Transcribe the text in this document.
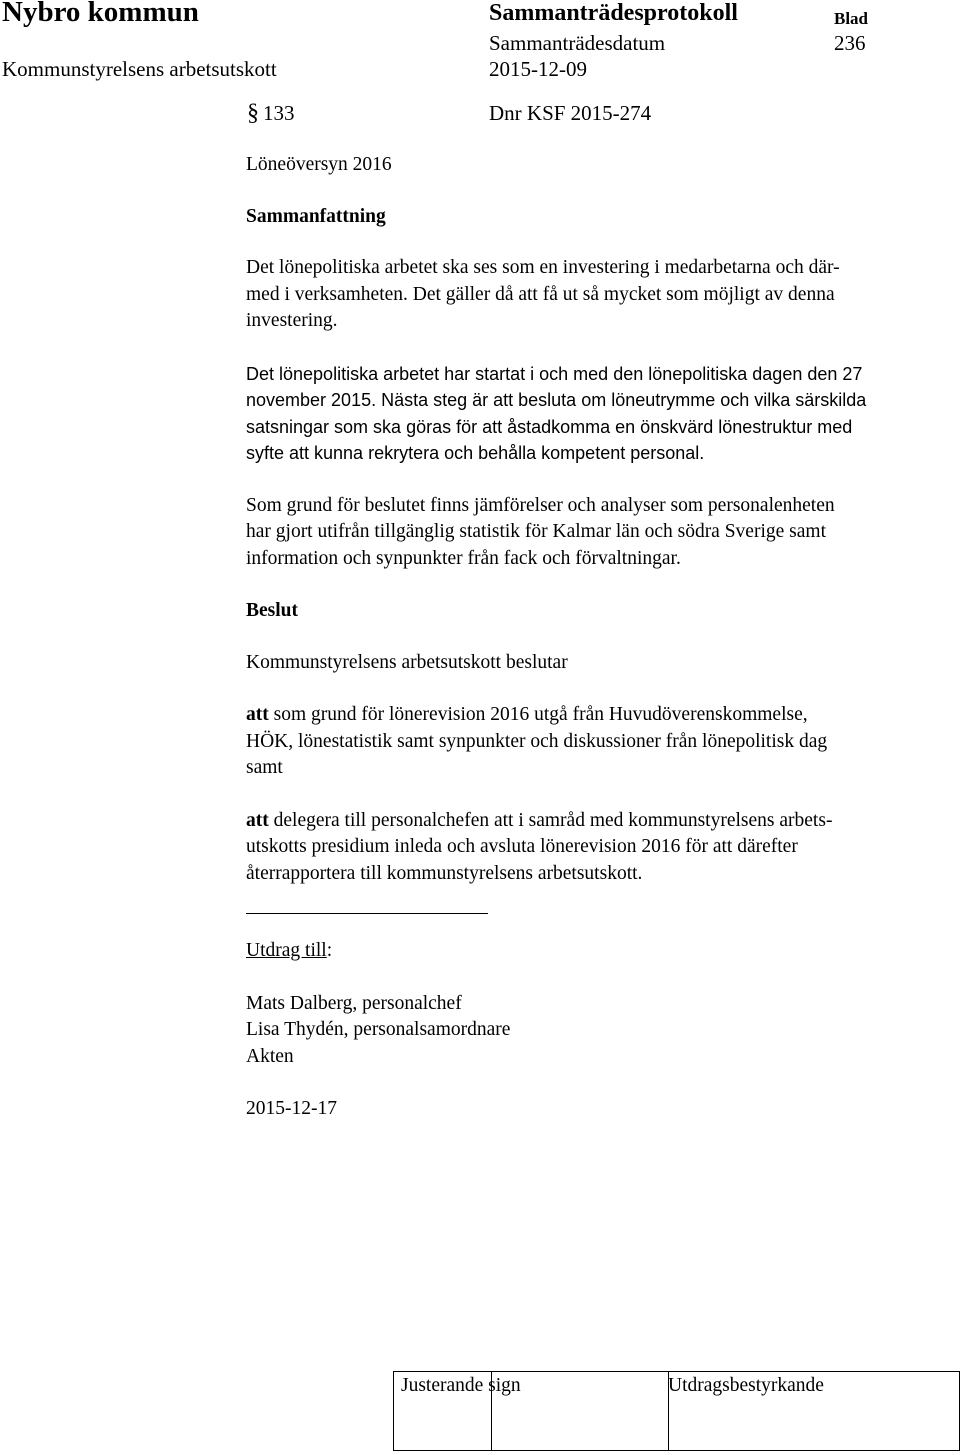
Nybro kommun	Sammanträdesprotokoll	Blad
Sammanträdesdatum	236
Kommunstyrelsens arbetsutskott	2015-12-09
§ 133	Dnr KSF 2015-274

Löneöversyn 2016

Sammanfattning

Det lönepolitiska arbetet ska ses som en investering i medarbetarna och där-
med i verksamheten. Det gäller då att få ut så mycket som möjligt av denna
investering.

Det lönepolitiska arbetet har startat i och med den lönepolitiska dagen den 27
november 2015. Nästa steg är att besluta om löneutrymme och vilka särskilda
satsningar som ska göras för att åstadkomma en önskvärd lönestruktur med
syfte att kunna rekrytera och behålla kompetent personal.

Som grund för beslutet finns jämförelser och analyser som personalenheten
har gjort utifrån tillgänglig statistik för Kalmar län och södra Sverige samt
information och synpunkter från fack och förvaltningar.

Beslut

Kommunstyrelsens arbetsutskott beslutar

att som grund för lönerevision 2016 utgå från Huvudöverenskommelse,
HÖK, lönestatistik samt synpunkter och diskussioner från lönepolitisk dag
samt

att delegera till personalchefen att i samråd med kommunstyrelsens arbets-
utskotts presidium inleda och avsluta lönerevision 2016 för att därefter
återrapportera till kommunstyrelsens arbetsutskott.

Utdrag till:

Mats Dalberg, personalchef

Lisa Thydén, personalsamordnare

Akten

2015-12-17

Justerande sign	Utdragsbestyrkande
